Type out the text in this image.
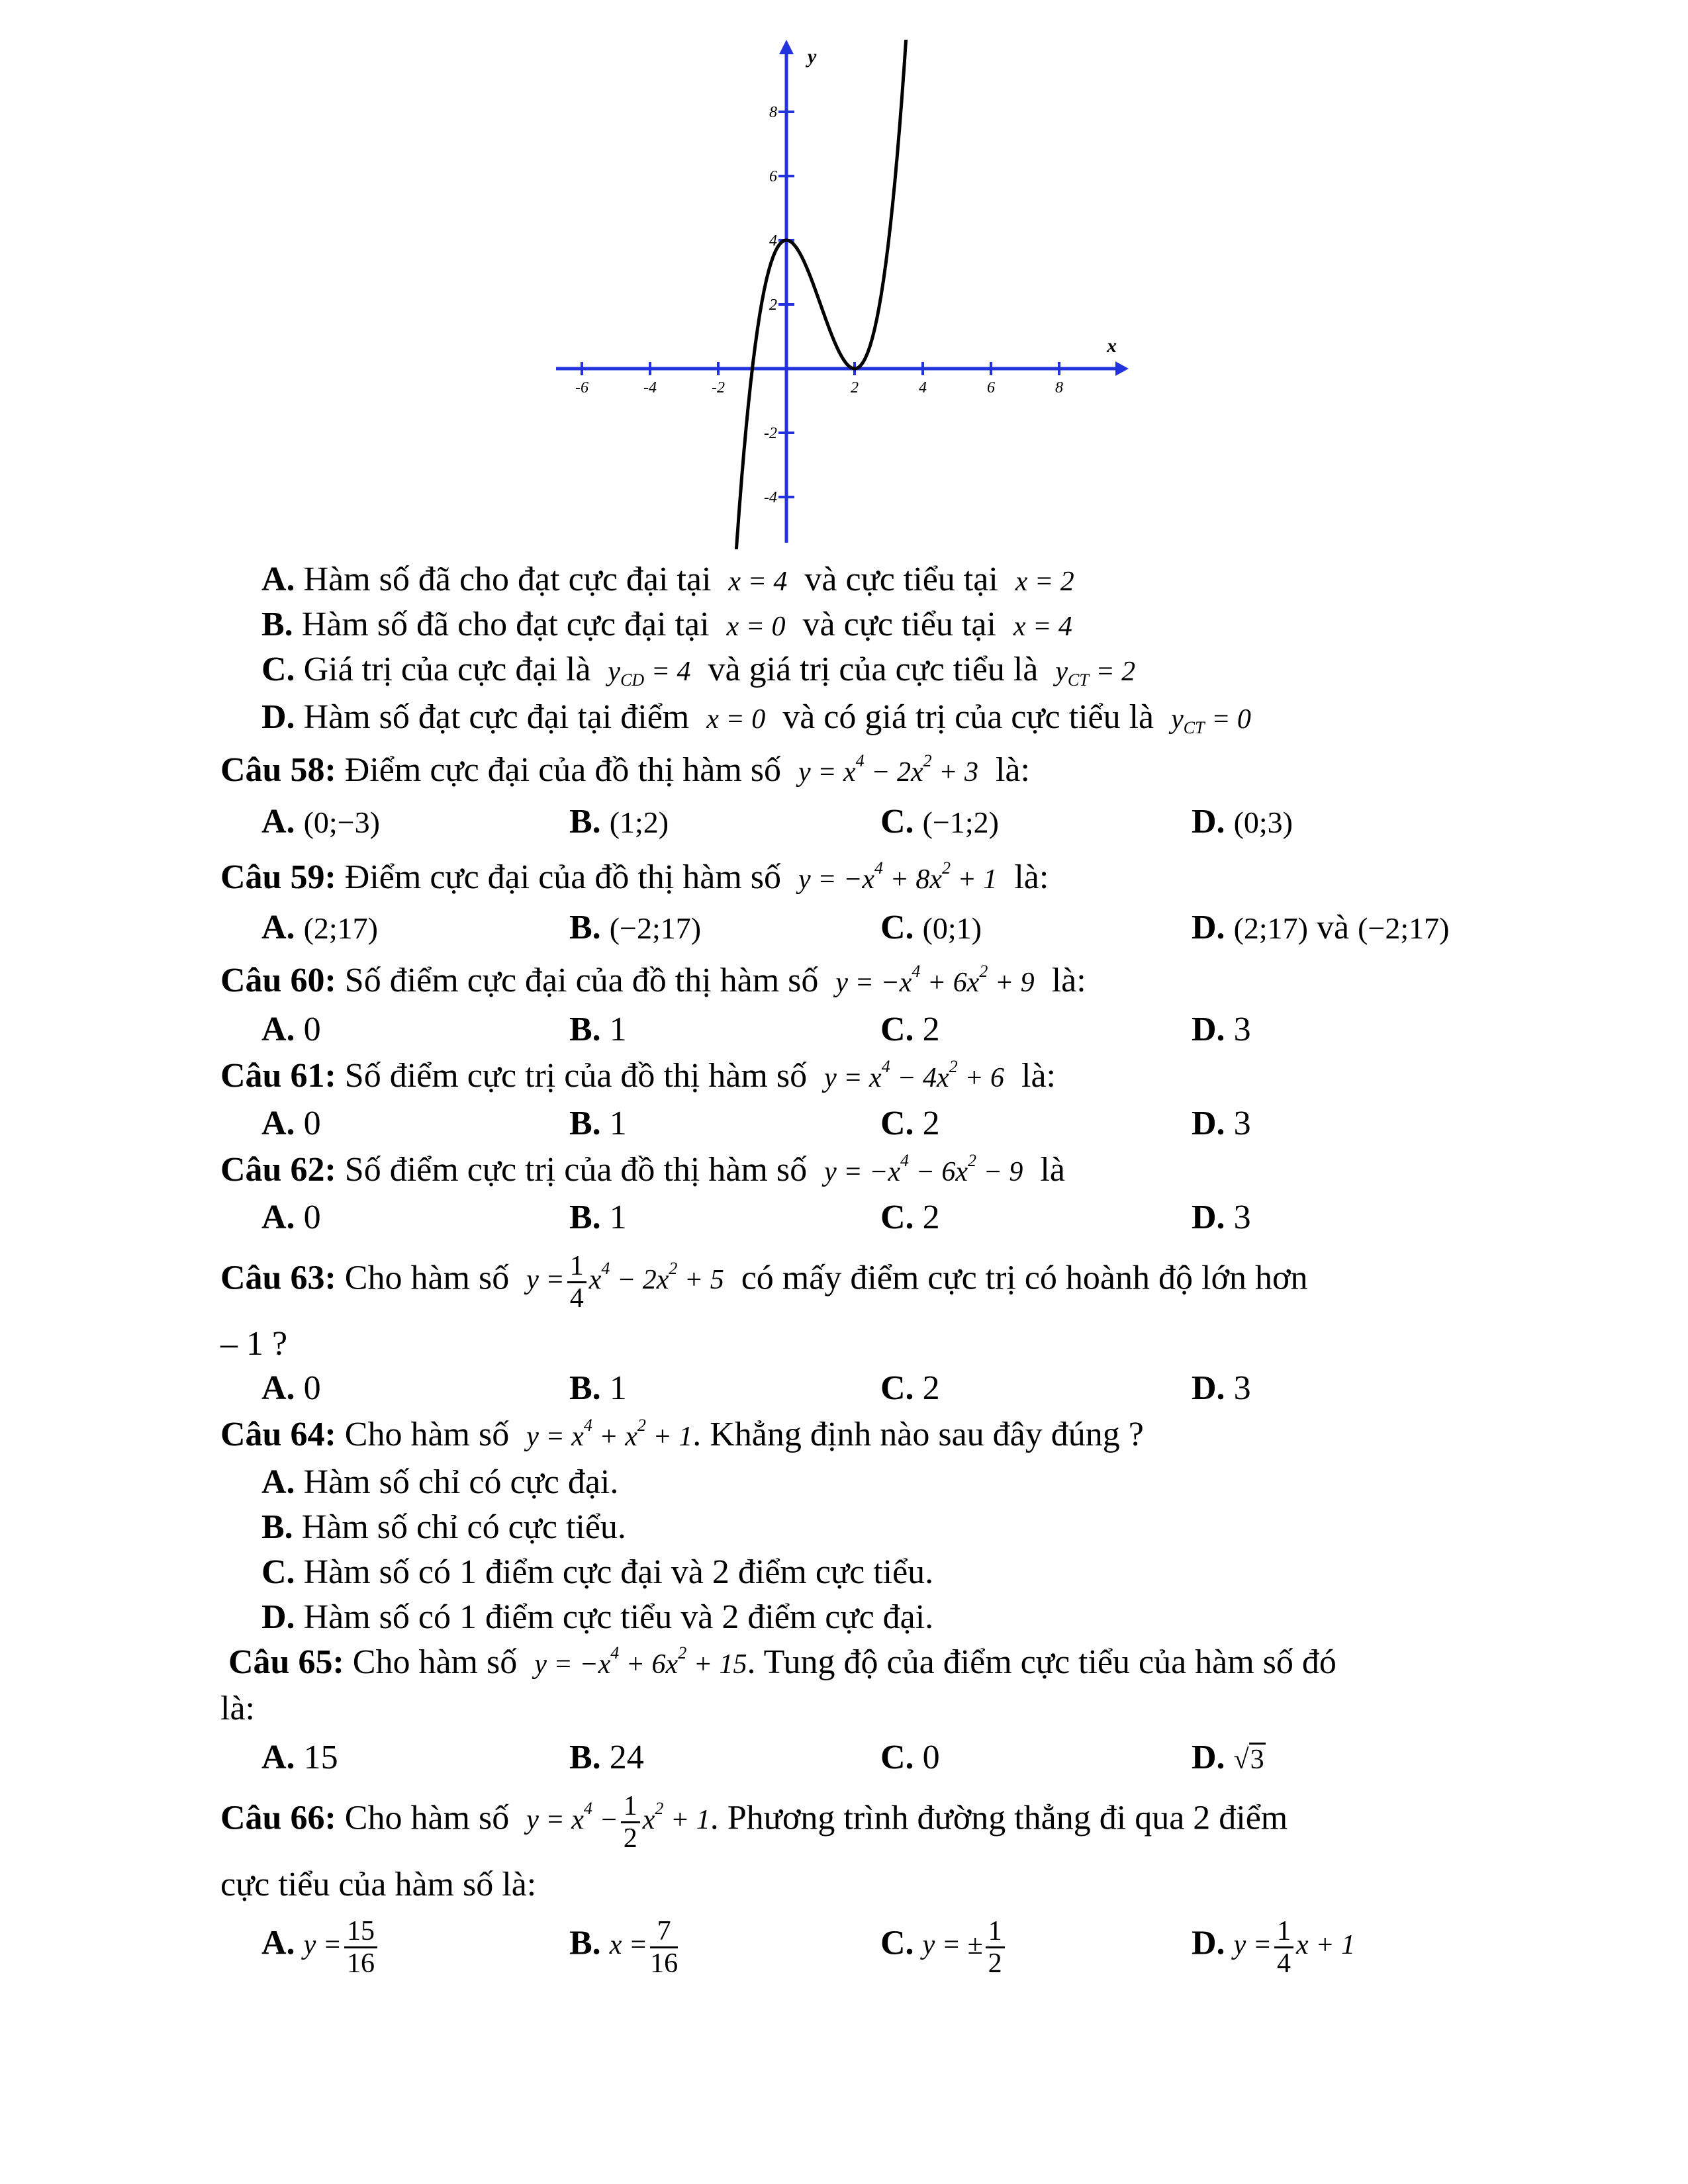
-6	-4	-2	2	4	6	8
8
6
4
2
-2
-4
x
y
A. Hàm số đã cho đạt cực đại tại x = 4 và cực tiểu tại x = 2
B. Hàm số đã cho đạt cực đại tại x = 0 và cực tiểu tại x = 4
C. Giá trị của cực đại là $y_{CD} = 4$ và giá trị của cực tiểu là $y_{CT} = 2$
D. Hàm số đạt cực đại tại điểm x = 0 và có giá trị của cực tiểu là $y_{CT} = 0$
Câu 58: Điểm cực đại của đồ thị hàm số $y = x^4 - 2x^2 + 3$ là:
A. (0;−3)	B. (1;2)	C. (−1;2)	D. (0;3)
Câu 59: Điểm cực đại của đồ thị hàm số $y = -x^4 + 8x^2 + 1$ là:
A. (2;17)	B. (−2;17)	C. (0;1)	D. (2;17) và (−2;17)
Câu 60: Số điểm cực đại của đồ thị hàm số $y = -x^4 + 6x^2 + 9$ là:
A. 0	B. 1	C. 2	D. 3
Câu 61: Số điểm cực trị của đồ thị hàm số $y = x^4 - 4x^2 + 6$ là:
A. 0	B. 1	C. 2	D. 3
Câu 62: Số điểm cực trị của đồ thị hàm số $y = -x^4 - 6x^2 - 9$ là
A. 0	B. 1	C. 2	D. 3
Câu 63: Cho hàm số $y = \frac{1}{4} x^4 - 2x^2 + 5$ có mấy điểm cực trị có hoành độ lớn hơn
– 1 ?
A. 0	B. 1	C. 2	D. 3
Câu 64: Cho hàm số $y = x^4 + x^2 + 1$. Khẳng định nào sau đây đúng ?
A. Hàm số chỉ có cực đại.
B. Hàm số chỉ có cực tiểu.
C. Hàm số có 1 điểm cực đại và 2 điểm cực tiểu.
D. Hàm số có 1 điểm cực tiểu và 2 điểm cực đại.
Câu 65: Cho hàm số $y = -x^4 + 6x^2 + 15$. Tung độ của điểm cực tiểu của hàm số đó
là:
A. 15	B. 24	C. 0	D. √3
Câu 66: Cho hàm số $y = x^4 - \frac{1}{2} x^2 + 1$. Phương trình đường thẳng đi qua 2 điểm
cực tiểu của hàm số là:
A. $y = \frac{15}{16}$	B. $x = \frac{7}{16}$	C. y = ± $\frac{1}{2}$	D. $y = \frac{1}{4}$ x + 1
